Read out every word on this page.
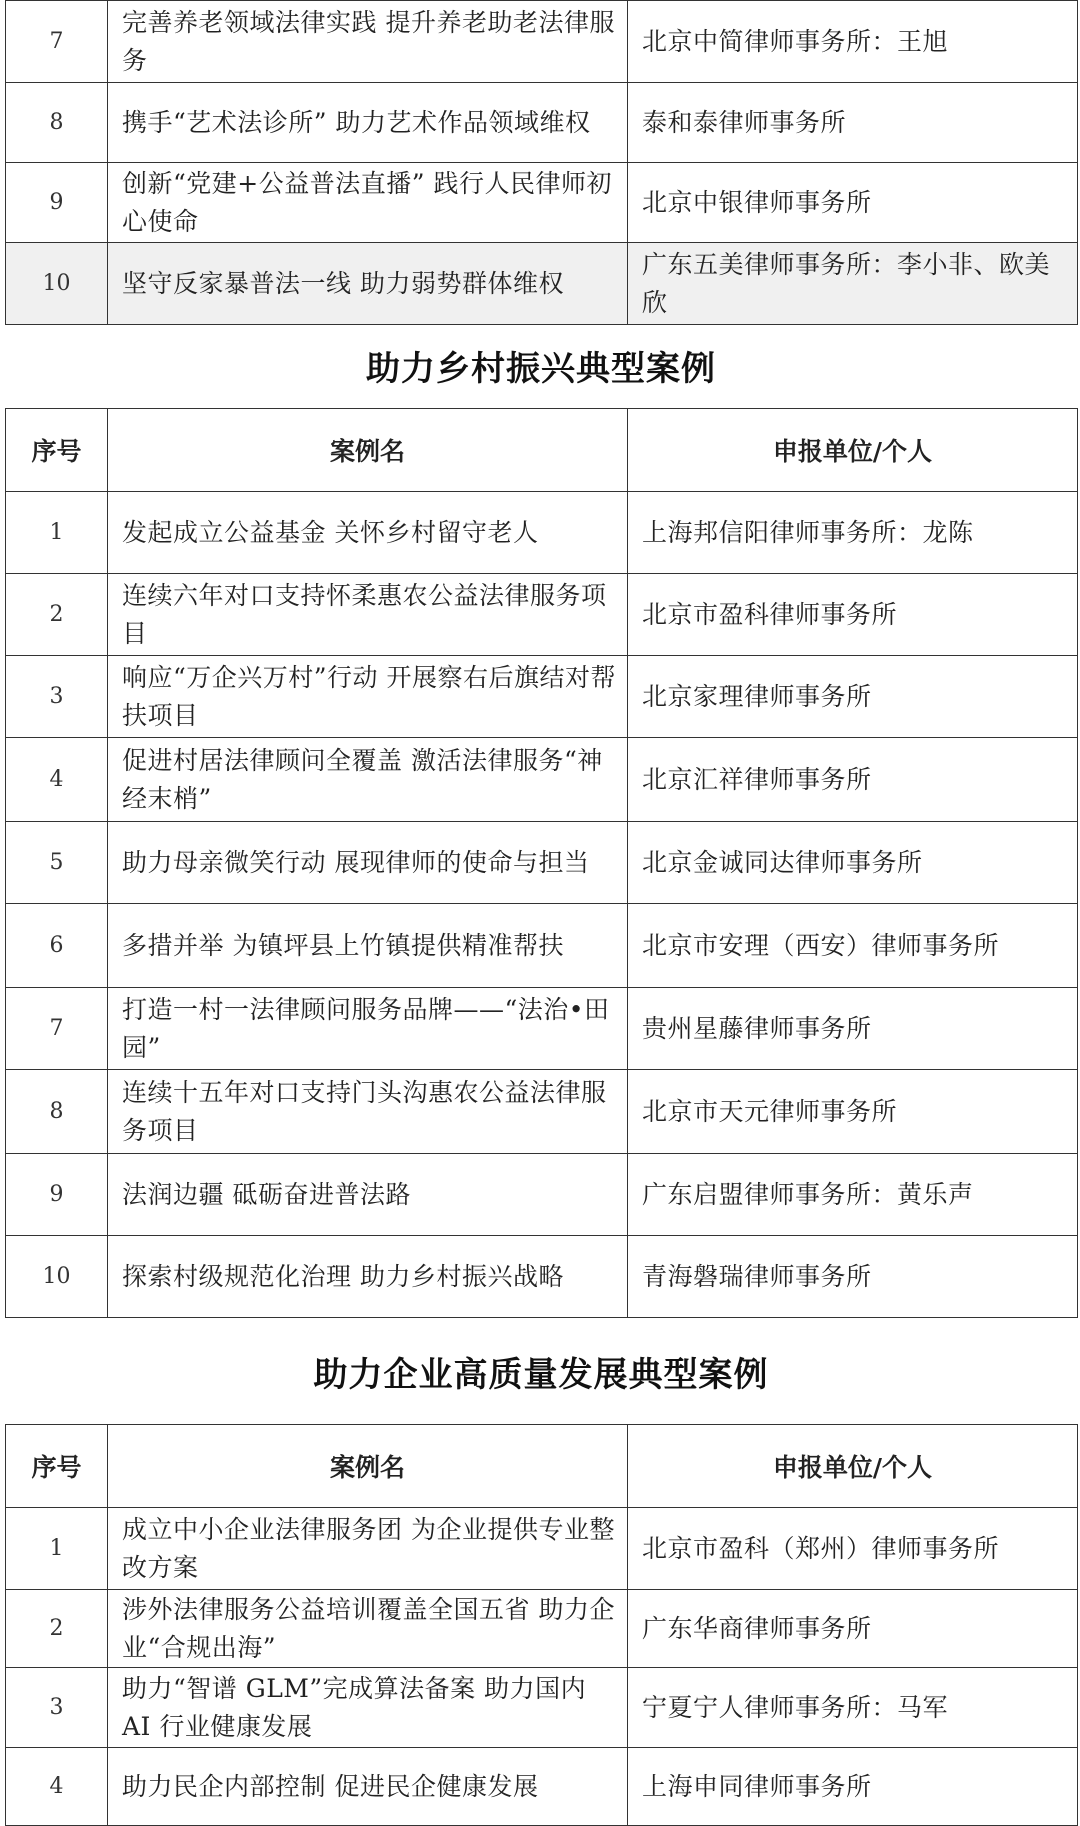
7	完善养老领域法律实践 提升养老助老法律服务	北京中简律师事务所：王旭
8	携手“艺术法诊所” 助力艺术作品领域维权	泰和泰律师事务所
9	创新“党建+公益普法直播” 践行人民律师初心使命	北京中银律师事务所
10	坚守反家暴普法一线 助力弱势群体维权	广东五美律师事务所：李小非、欧美欣
助力乡村振兴典型案例
序号	案例名	申报单位/个人
1	发起成立公益基金 关怀乡村留守老人	上海邦信阳律师事务所：龙陈
2	连续六年对口支持怀柔惠农公益法律服务项目	北京市盈科律师事务所
3	响应“万企兴万村”行动 开展察右后旗结对帮扶项目	北京家理律师事务所
4	促进村居法律顾问全覆盖 激活法律服务“神经末梢”	北京汇祥律师事务所
5	助力母亲微笑行动 展现律师的使命与担当	北京金诚同达律师事务所
6	多措并举 为镇坪县上竹镇提供精准帮扶	北京市安理（西安）律师事务所
7	打造一村一法律顾问服务品牌——“法治•田园”	贵州星藤律师事务所
8	连续十五年对口支持门头沟惠农公益法律服务项目	北京市天元律师事务所
9	法润边疆 砥砺奋进普法路	广东启盟律师事务所：黄乐声
10	探索村级规范化治理 助力乡村振兴战略	青海磐瑞律师事务所
助力企业高质量发展典型案例
序号	案例名	申报单位/个人
1	成立中小企业法律服务团 为企业提供专业整改方案	北京市盈科（郑州）律师事务所
2	涉外法律服务公益培训覆盖全国五省 助力企业“合规出海”	广东华商律师事务所
3	助力“智谱 GLM”完成算法备案 助力国内 AI 行业健康发展	宁夏宁人律师事务所：马军
4	助力民企内部控制 促进民企健康发展	上海申同律师事务所
